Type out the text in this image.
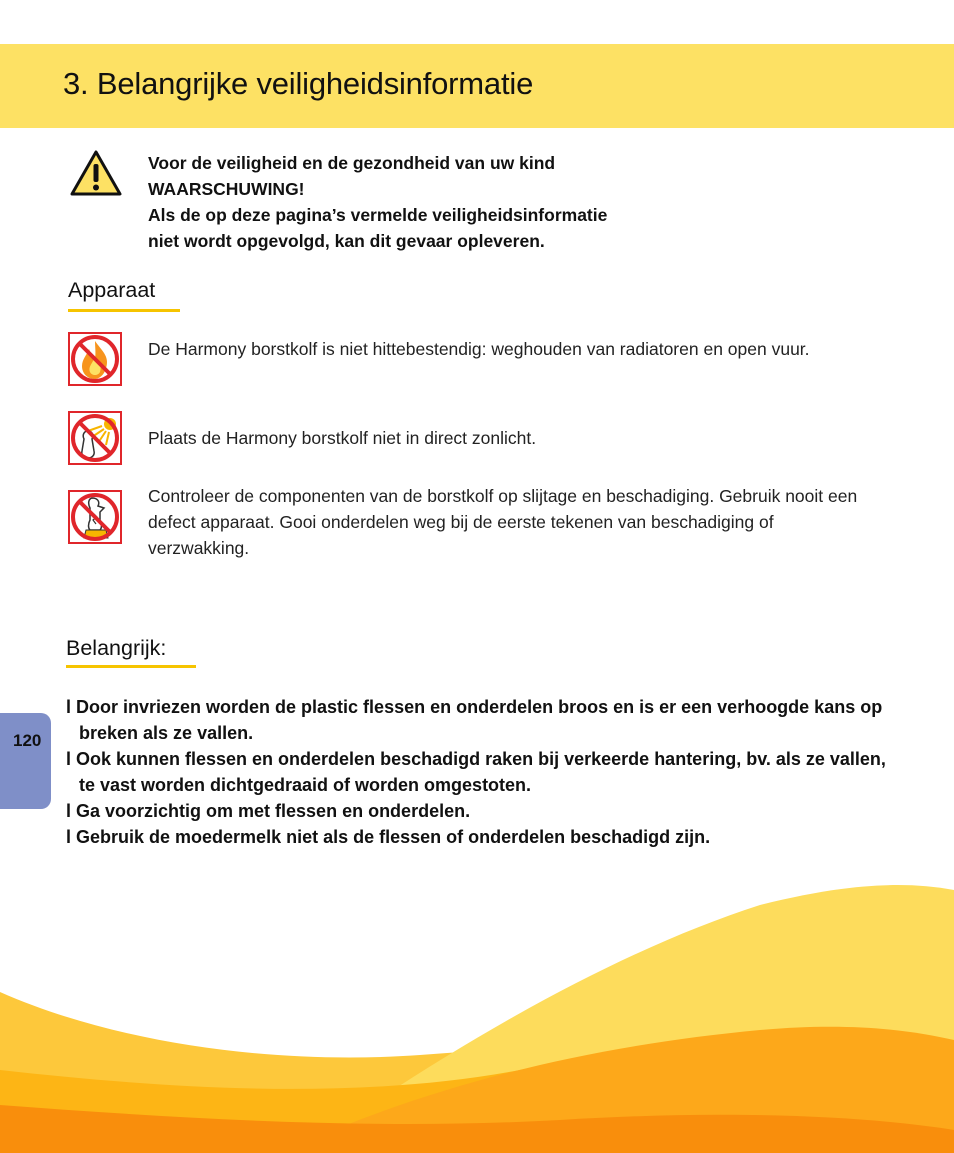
3. Belangrijke veiligheidsinformatie
Voor de veiligheid en de gezondheid van uw kind
WAARSCHUWING!
Als de op deze pagina’s vermelde veiligheidsinformatie
niet wordt opgevolgd, kan dit gevaar opleveren.
Apparaat
De Harmony borstkolf is niet hittebestendig: weghouden van radiatoren en open vuur.
Plaats de Harmony borstkolf niet in direct zonlicht.
Controleer de componenten van de borstkolf op slijtage en beschadiging. Gebruik nooit een defect apparaat. Gooi onderdelen weg bij de eerste tekenen van beschadiging of verzwakking.
Belangrijk:
l Door invriezen worden de plastic flessen en onderdelen broos en is er een verhoogde kans op breken als ze vallen.
l Ook kunnen flessen en onderdelen beschadigd raken bij verkeerde hantering, bv. als ze vallen, te vast worden dichtgedraaid of worden omgestoten.
l Ga voorzichtig om met flessen en onderdelen.
l Gebruik de moedermelk niet als de flessen of onderdelen beschadigd zijn.
120
